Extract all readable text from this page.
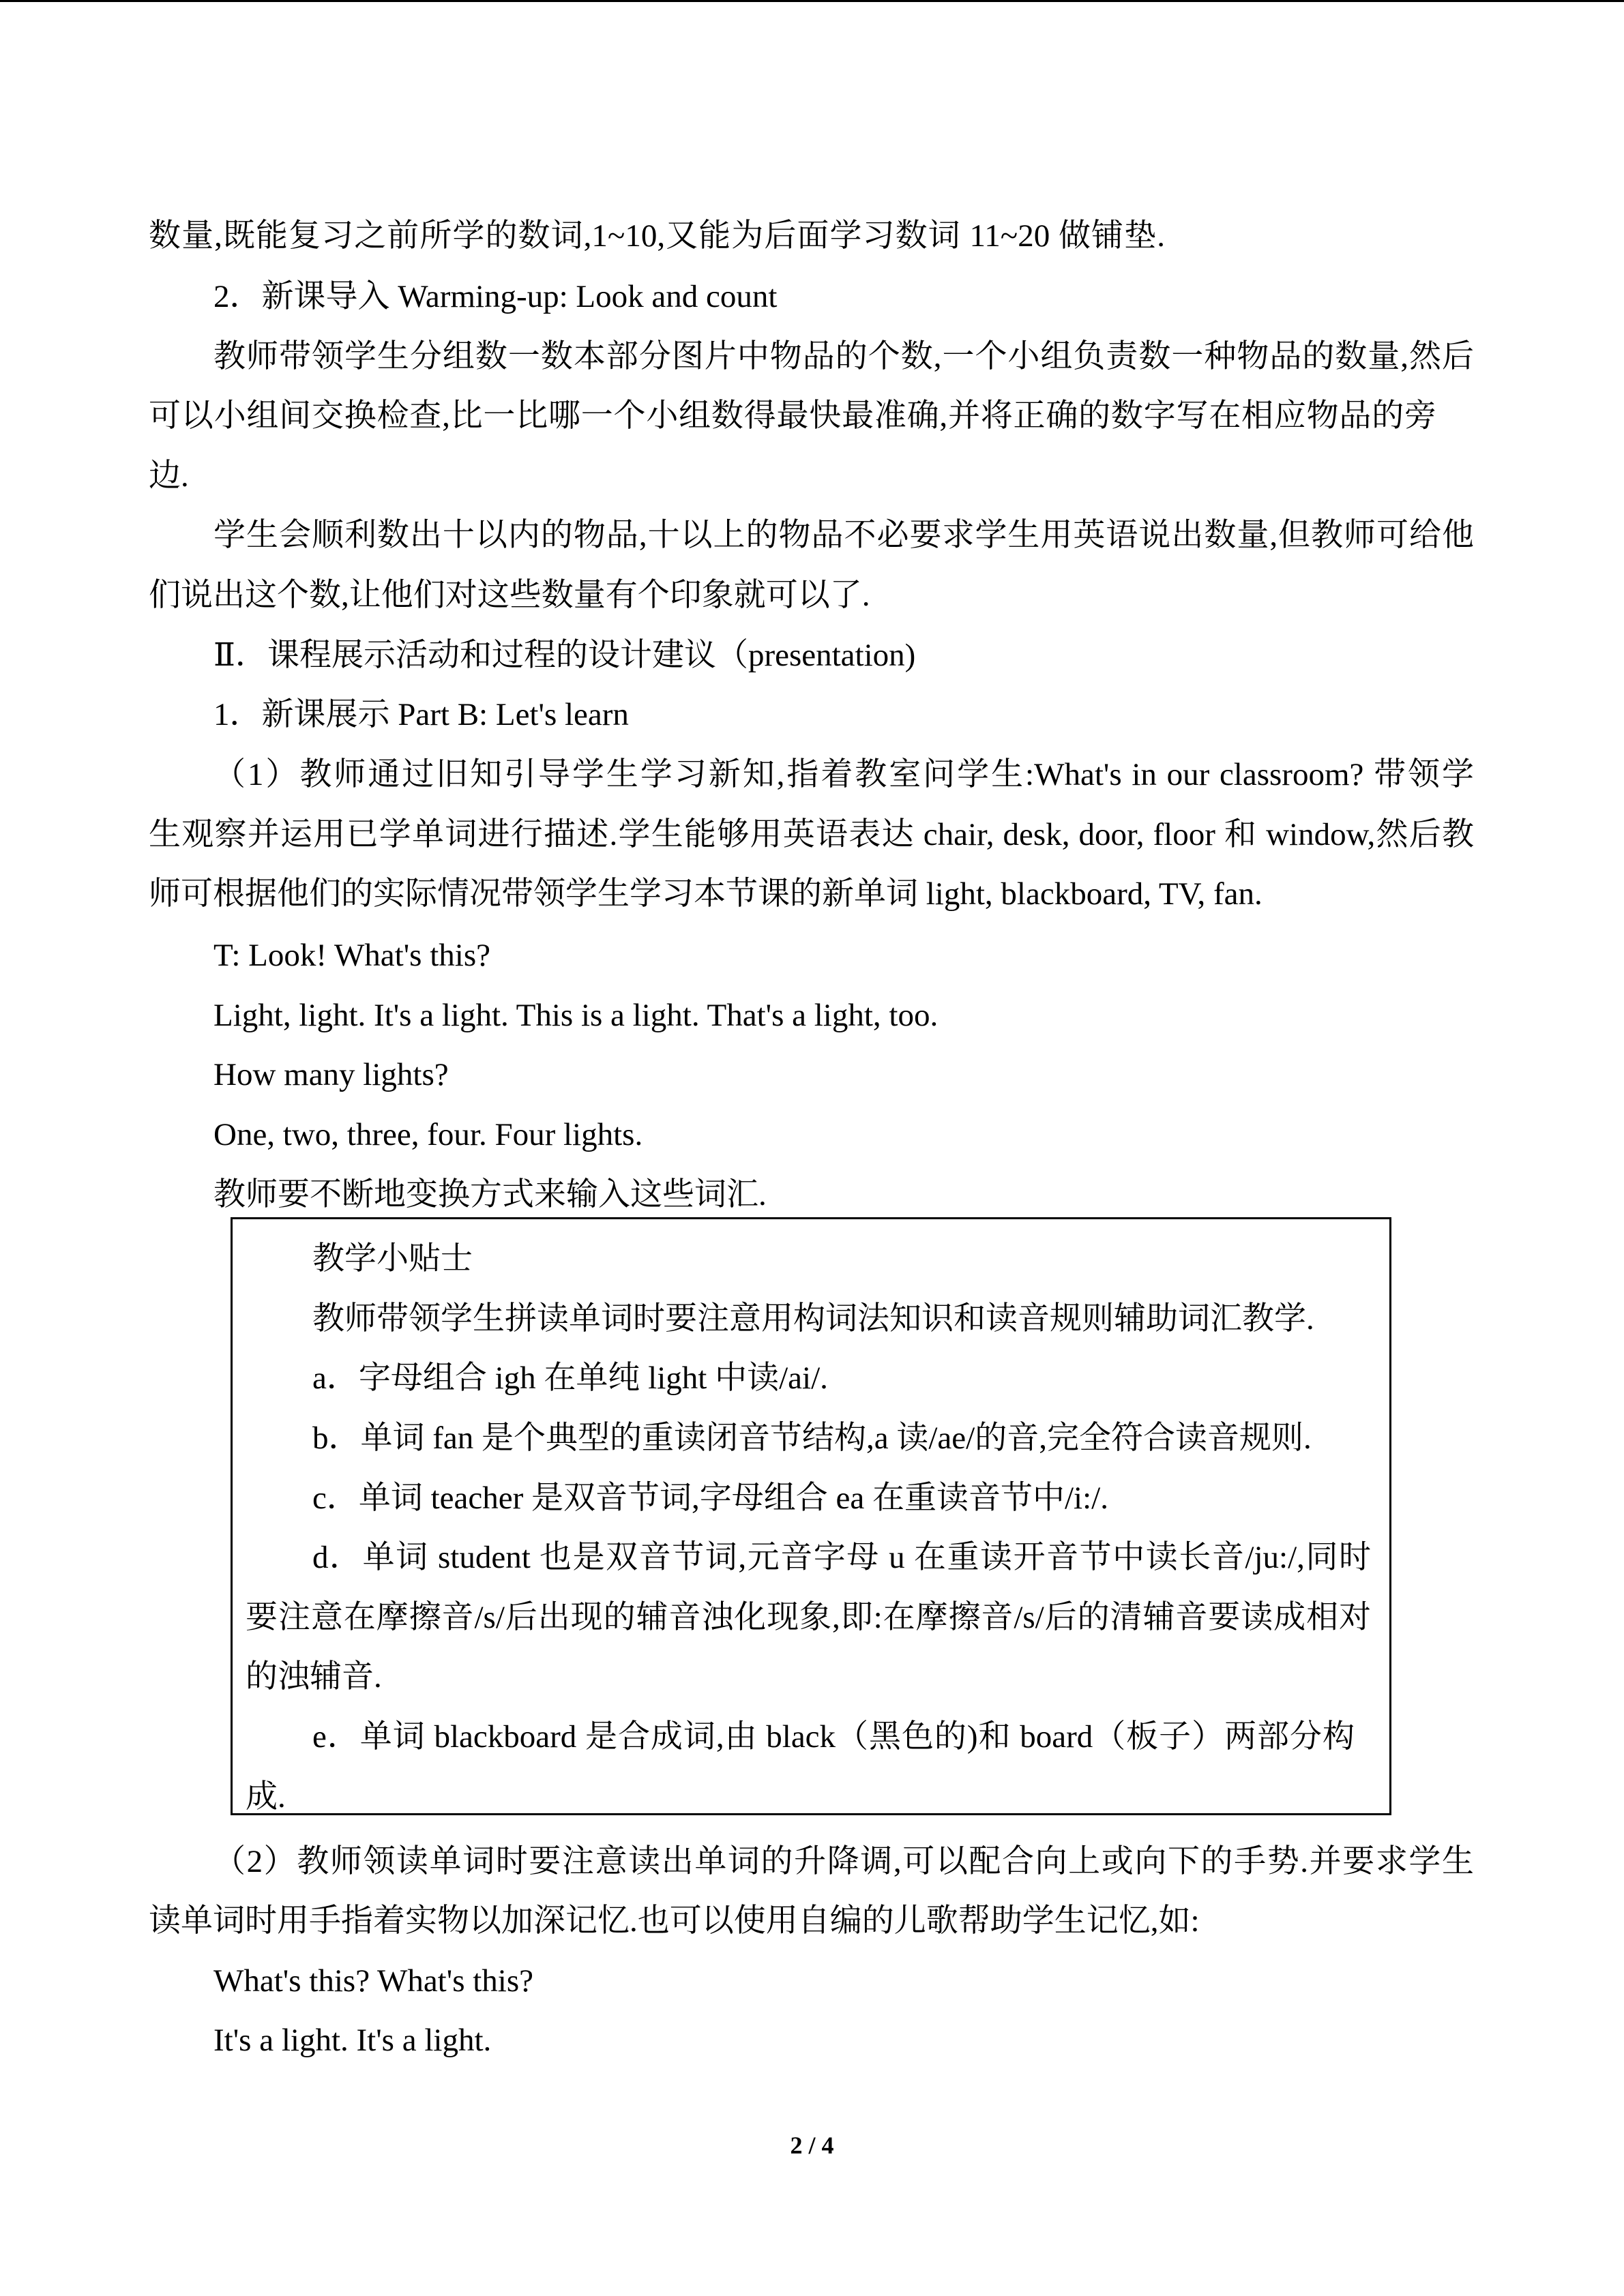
数量,既能复习之前所学的数词,1~10,又能为后面学习数词 11~20 做铺垫.
2．新课导入 Warming-up: Look and count
教师带领学生分组数一数本部分图片中物品的个数,一个小组负责数一种物品的数量,然后
可以小组间交换检查,比一比哪一个小组数得最快最准确,并将正确的数字写在相应物品的旁
边.
学生会顺利数出十以内的物品,十以上的物品不必要求学生用英语说出数量,但教师可给他
们说出这个数,让他们对这些数量有个印象就可以了.
Ⅱ．课程展示活动和过程的设计建议（presentation)
1．新课展示 Part B: Let's learn
（1）教师通过旧知引导学生学习新知,指着教室问学生:What's in our classroom? 带领学
生观察并运用已学单词进行描述.学生能够用英语表达 chair, desk, door, floor 和 window,然后教
师可根据他们的实际情况带领学生学习本节课的新单词 light, blackboard, TV, fan.
T: Look! What's this?
Light, light. It's a light. This is a light. That's a light, too.
How many lights?
One, two, three, four. Four lights.
教师要不断地变换方式来输入这些词汇.
教学小贴士
教师带领学生拼读单词时要注意用构词法知识和读音规则辅助词汇教学.
a．字母组合 igh 在单纯 light 中读/ai/.
b．单词 fan 是个典型的重读闭音节结构,a 读/ae/的音,完全符合读音规则.
c．单词 teacher 是双音节词,字母组合 ea 在重读音节中/i:/.
d．单词 student 也是双音节词,元音字母 u 在重读开音节中读长音/ju:/,同时
要注意在摩擦音/s/后出现的辅音浊化现象,即:在摩擦音/s/后的清辅音要读成相对
的浊辅音.
e．单词 blackboard 是合成词,由 black（黑色的)和 board（板子）两部分构
成.
（2）教师领读单词时要注意读出单词的升降调,可以配合向上或向下的手势.并要求学生
读单词时用手指着实物以加深记忆.也可以使用自编的儿歌帮助学生记忆,如:
What's this? What's this?
It's a light. It's a light.
2 / 4
